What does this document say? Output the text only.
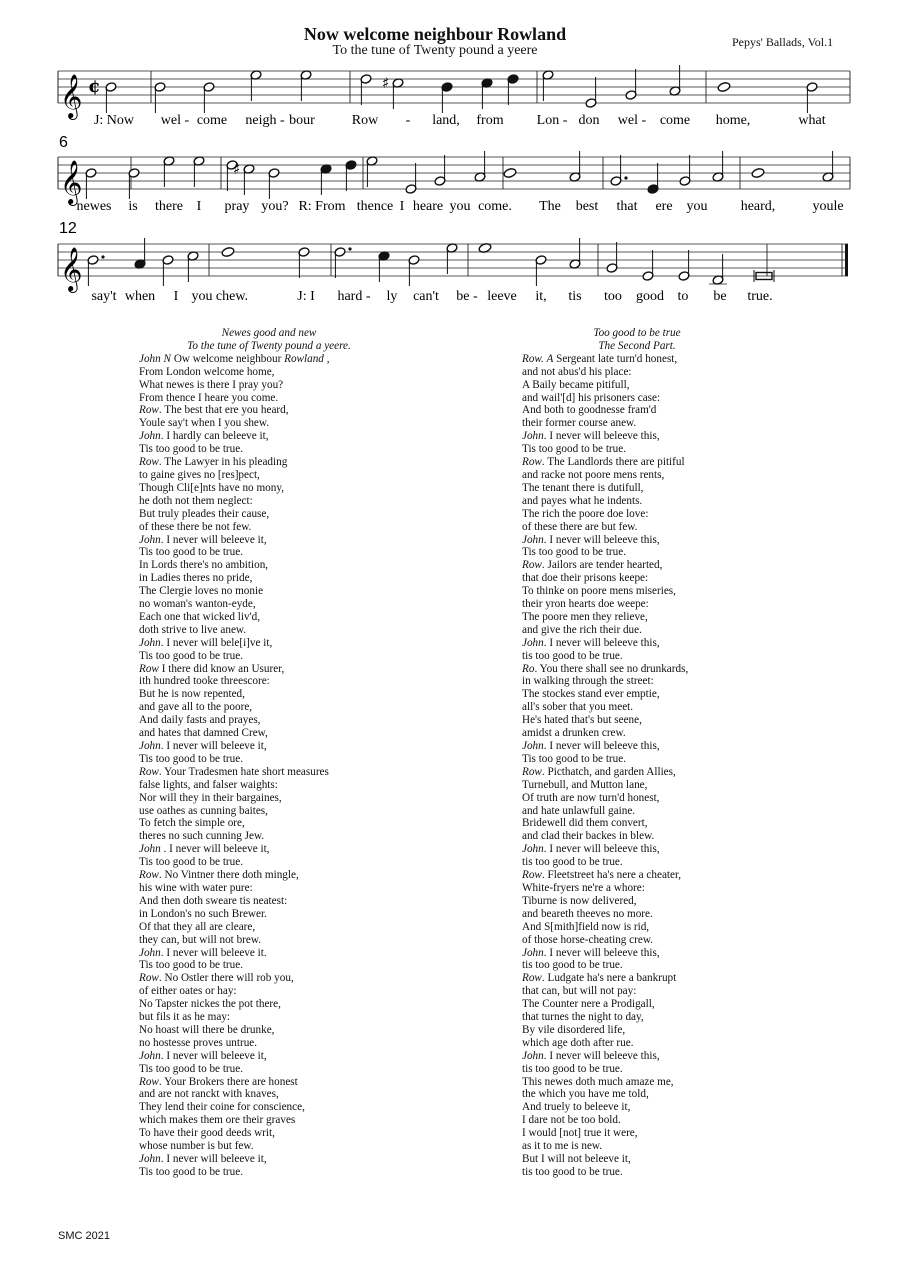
Now welcome neighbour Rowland
To the tune of Twenty pound a yeere
Pepys' Ballads, Vol.1
𝄞 ¢	♯
J: Now wel - come neigh - bour	Row - land, from Lon - don wel - come home,	what
𝄞
6
♯
newes is there I pray you? R: From thence I heare you come. The best that ere you heard,	youle
𝄞
12
say't when I you chew.	J: I hard - ly can't be - leeve it, tis too good to be true.
Newes good and new
To the tune of Twenty pound a yeere.
John N Ow welcome neighbour Rowland ,
From London welcome home,
What newes is there I pray you?
From thence I heare you come.
Row. The best that ere you heard,
Youle say't when I you shew.
John. I hardly can beleeve it,
Tis too good to be true.
Row. The Lawyer in his pleading
to gaine gives no [res]pect,
Though Cli[e]nts have no mony,
he doth not them neglect:
But truly pleades their cause,
of these there be not few.
John. I never will beleeve it,
Tis too good to be true.
In Lords there's no ambition,
in Ladies theres no pride,
The Clergie loves no monie
no woman's wanton-eyde,
Each one that wicked liv'd,
doth strive to live anew.
John. I never will bele[i]ve it,
Tis too good to be true.
Row I there did know an Usurer,
ith hundred tooke threescore:
But he is now repented,
and gave all to the poore,
And daily fasts and prayes,
and hates that damned Crew,
John. I never will beleeve it,
Tis too good to be true.
Row. Your Tradesmen hate short measures
false lights, and falser waights:
Nor will they in their bargaines,
use oathes as cunning baites,
To fetch the simple ore,
theres no such cunning Jew.
John . I never will beleeve it,
Tis too good to be true.
Row. No Vintner there doth mingle,
his wine with water pure:
And then doth sweare tis neatest:
in London's no such Brewer.
Of that they all are cleare,
they can, but will not brew.
John. I never will beleeve it.
Tis too good to be true.
Row. No Ostler there will rob you,
of either oates or hay:
No Tapster nickes the pot there,
but fils it as he may:
No hoast will there be drunke,
no hostesse proves untrue.
John. I never will beleeve it,
Tis too good to be true.
Row. Your Brokers there are honest
and are not ranckt with knaves,
They lend their coine for conscience,
which makes them ore their graves
To have their good deeds writ,
whose number is but few.
John. I never will beleeve it,
Tis too good to be true.
Too good to be true
The Second Part.
Row. A Sergeant late turn'd honest,
and not abus'd his place:
A Baily became pitifull,
and wail'[d] his prisoners case:
And both to goodnesse fram'd
their former course anew.
John. I never will beleeve this,
Tis too good to be true.
Row. The Landlords there are pitiful
and racke not poore mens rents,
The tenant there is dutifull,
and payes what he indents.
The rich the poore doe love:
of these there are but few.
John. I never will beleeve this,
Tis too good to be true.
Row. Jailors are tender hearted,
that doe their prisons keepe:
To thinke on poore mens miseries,
their yron hearts doe weepe:
The poore men they relieve,
and give the rich their due.
John. I never will beleeve this,
tis too good to be true.
Ro. You there shall see no drunkards,
in walking through the street:
The stockes stand ever emptie,
all's sober that you meet.
He's hated that's but seene,
amidst a drunken crew.
John. I never will beleeve this,
Tis too good to be true.
Row. Picthatch, and garden Allies,
Turnebull, and Mutton lane,
Of truth are now turn'd honest,
and hate unlawfull gaine.
Bridewell did them convert,
and clad their backes in blew.
John. I never will beleeve this,
tis too good to be true.
Row. Fleetstreet ha's nere a cheater,
White-fryers ne're a whore:
Tiburne is now delivered,
and beareth theeves no more.
And S[mith]field now is rid,
of those horse-cheating crew.
John. I never will beleeve this,
tis too good to be true.
Row. Ludgate ha's nere a bankrupt
that can, but will not pay:
The Counter nere a Prodigall,
that turnes the night to day,
By vile disordered life,
which age doth after rue.
John. I never will beleeve this,
tis too good to be true.
This newes doth much amaze me,
the which you have me told,
And truely to beleeve it,
I dare not be too bold.
I would [not] true it were,
as it to me is new.
But I will not beleeve it,
tis too good to be true.
SMC 2021
